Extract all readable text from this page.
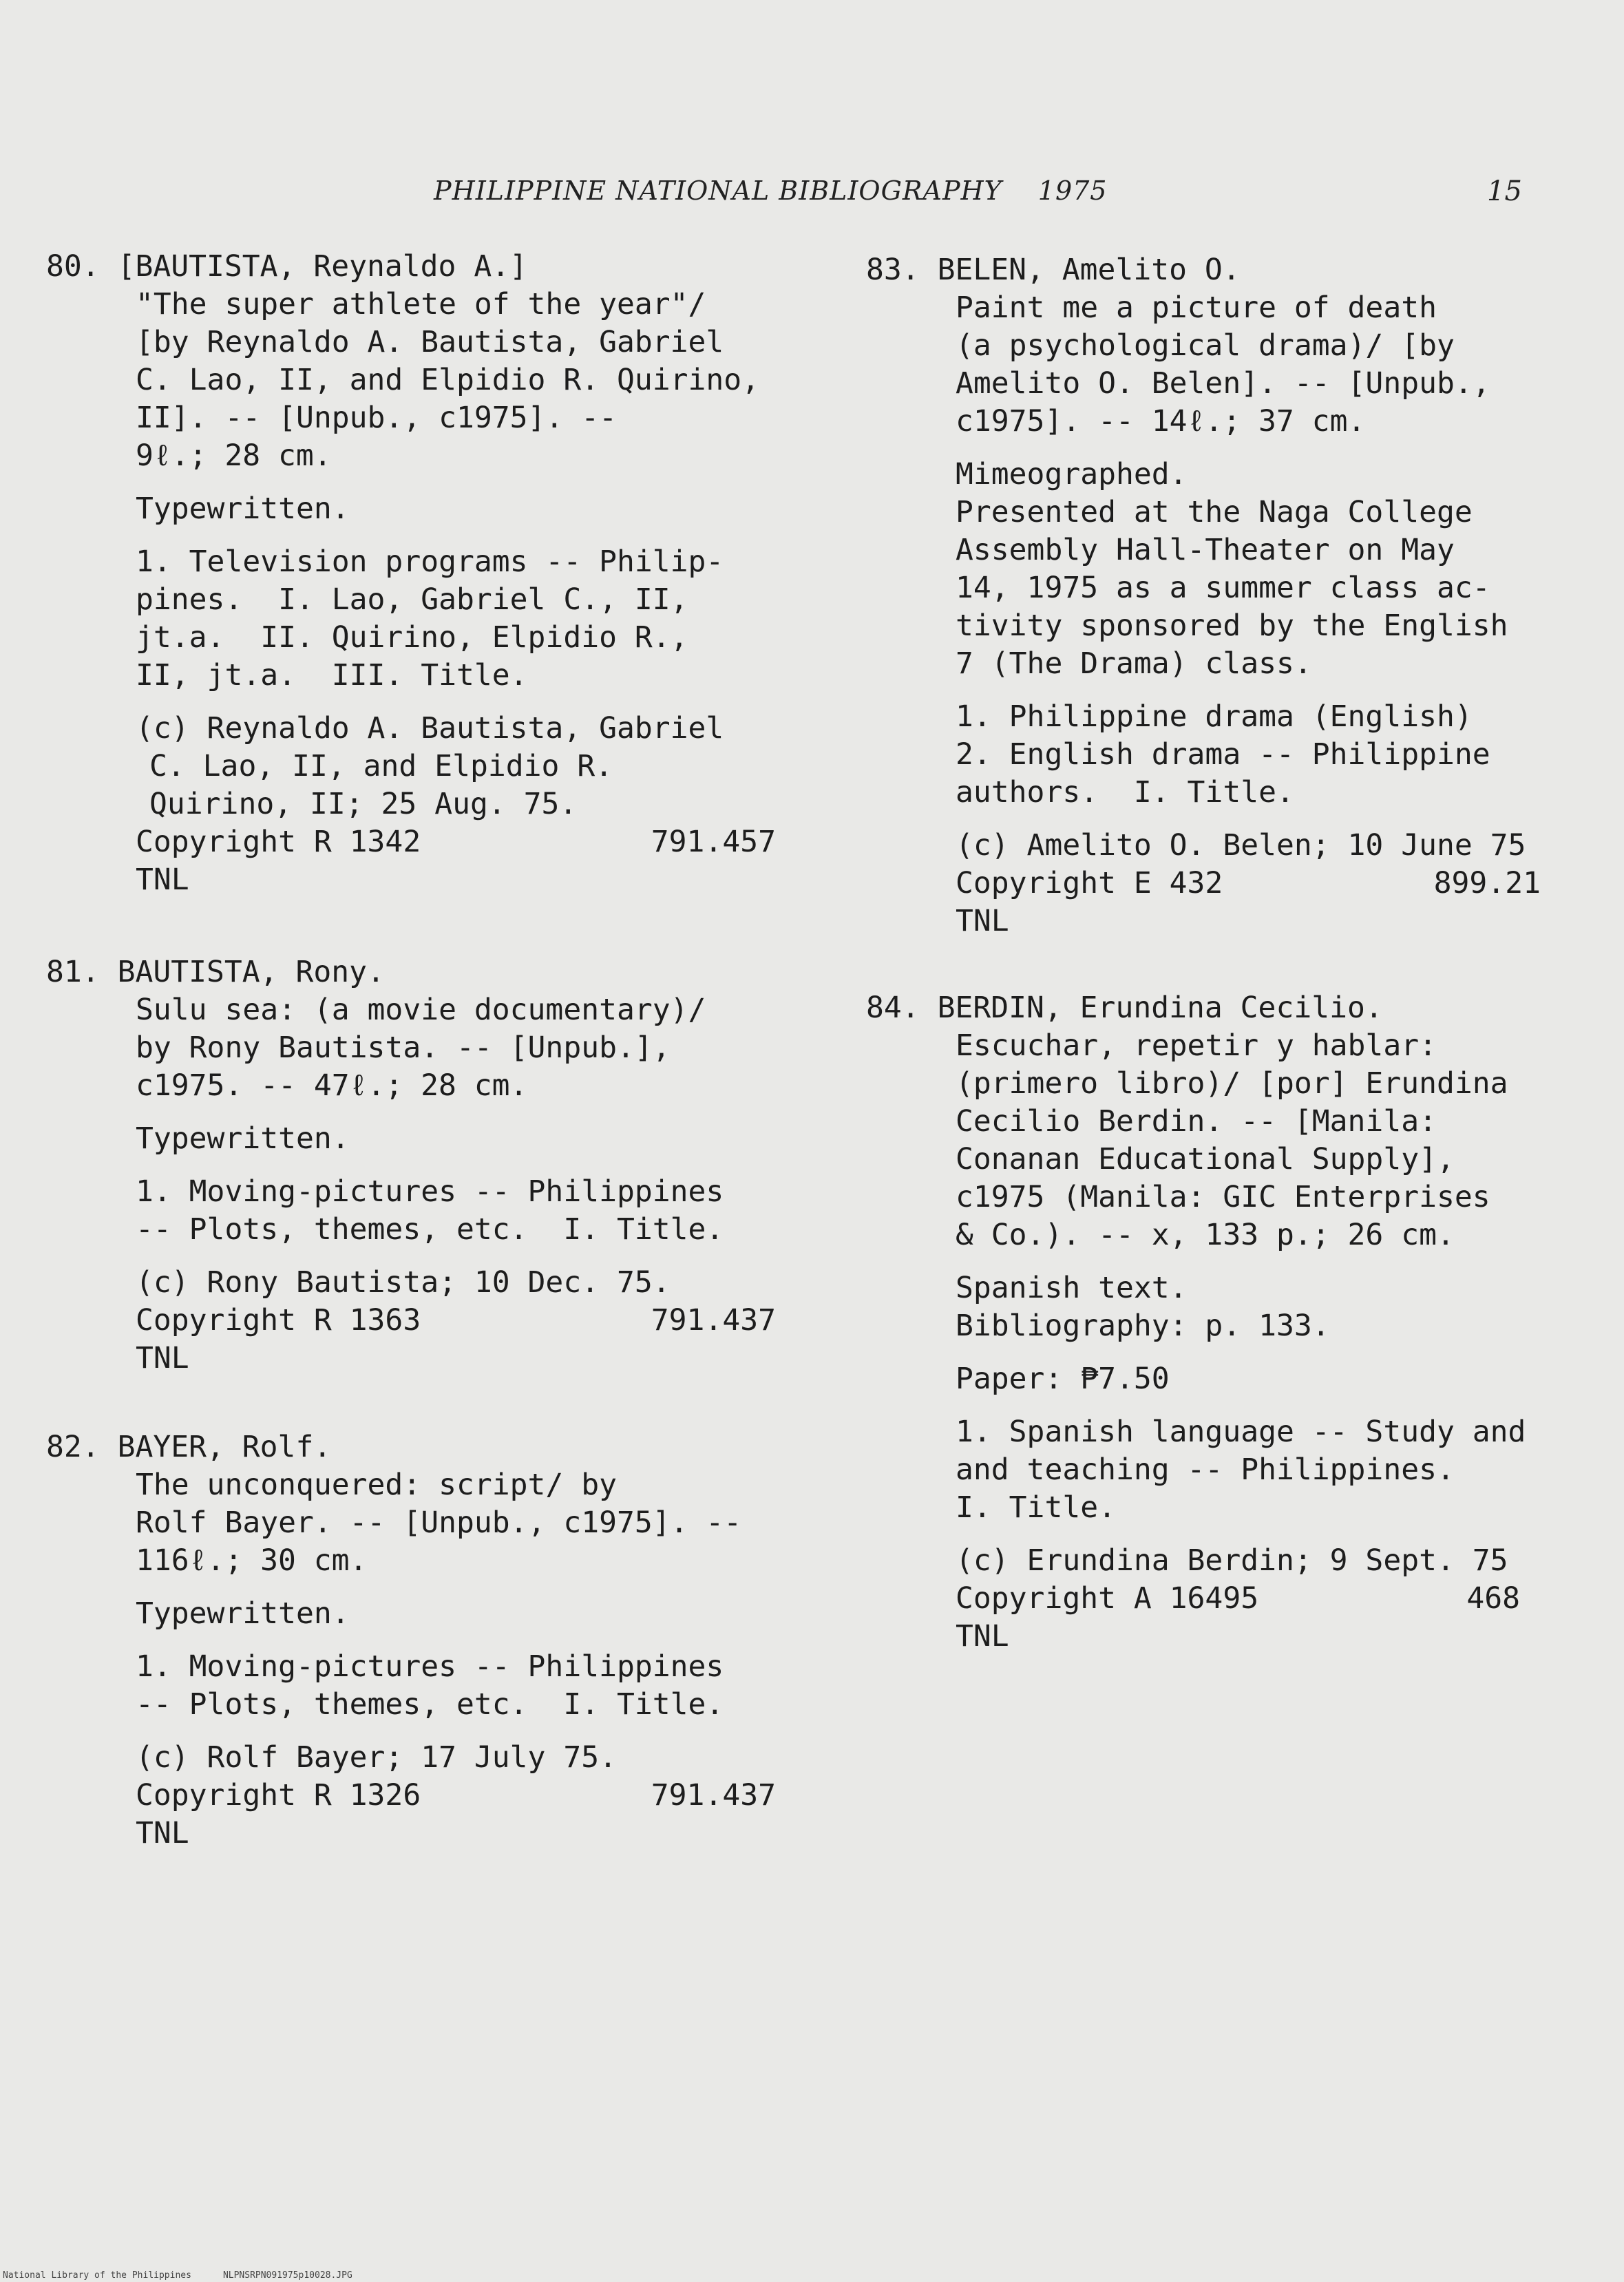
PHILIPPINE NATIONAL BIBLIOGRAPHY 1975	15
80. [BAUTISTA, Reynaldo A.]
"The super athlete of the year"/
[by Reynaldo A. Bautista, Gabriel
C. Lao, II, and Elpidio R. Quirino,
II]. -- [Unpub., c1975]. --
9ℓ.; 28 cm.
Typewritten.
1. Television programs -- Philip-
pines.  I. Lao, Gabriel C., II,
jt.a.  II. Quirino, Elpidio R.,
II, jt.a.  III. Title.
(c) Reynaldo A. Bautista, Gabriel
C. Lao, II, and Elpidio R.
Quirino, II; 25 Aug. 75.
Copyright R 1342	791.457
TNL
81. BAUTISTA, Rony.
Sulu sea: (a movie documentary)/
by Rony Bautista. -- [Unpub.],
c1975. -- 47ℓ.; 28 cm.
Typewritten.
1. Moving-pictures -- Philippines
-- Plots, themes, etc.  I. Title.
(c) Rony Bautista; 10 Dec. 75.
Copyright R 1363	791.437
TNL
82. BAYER, Rolf.
The unconquered: script/ by
Rolf Bayer. -- [Unpub., c1975]. --
116ℓ.; 30 cm.
Typewritten.
1. Moving-pictures -- Philippines
-- Plots, themes, etc.  I. Title.
(c) Rolf Bayer; 17 July 75.
Copyright R 1326	791.437
TNL
83. BELEN, Amelito O.
Paint me a picture of death
(a psychological drama)/ [by
Amelito O. Belen]. -- [Unpub.,
c1975]. -- 14ℓ.; 37 cm.
Mimeographed.
Presented at the Naga College
Assembly Hall-Theater on May
14, 1975 as a summer class ac-
tivity sponsored by the English
7 (The Drama) class.
1. Philippine drama (English)
2. English drama -- Philippine
authors.  I. Title.
(c) Amelito O. Belen; 10 June 75
Copyright E 432	899.21
TNL
84. BERDIN, Erundina Cecilio.
Escuchar, repetir y hablar:
(primero libro)/ [por] Erundina
Cecilio Berdin. -- [Manila:
Conanan Educational Supply],
c1975 (Manila: GIC Enterprises
& Co.). -- x, 133 p.; 26 cm.
Spanish text.
Bibliography: p. 133.
Paper: ₱7.50
1. Spanish language -- Study and
and teaching -- Philippines.
I. Title.
(c) Erundina Berdin; 9 Sept. 75
Copyright A 16495	468
TNL
National Library of the Philippines	NLPNSRPN091975p10028.JPG
